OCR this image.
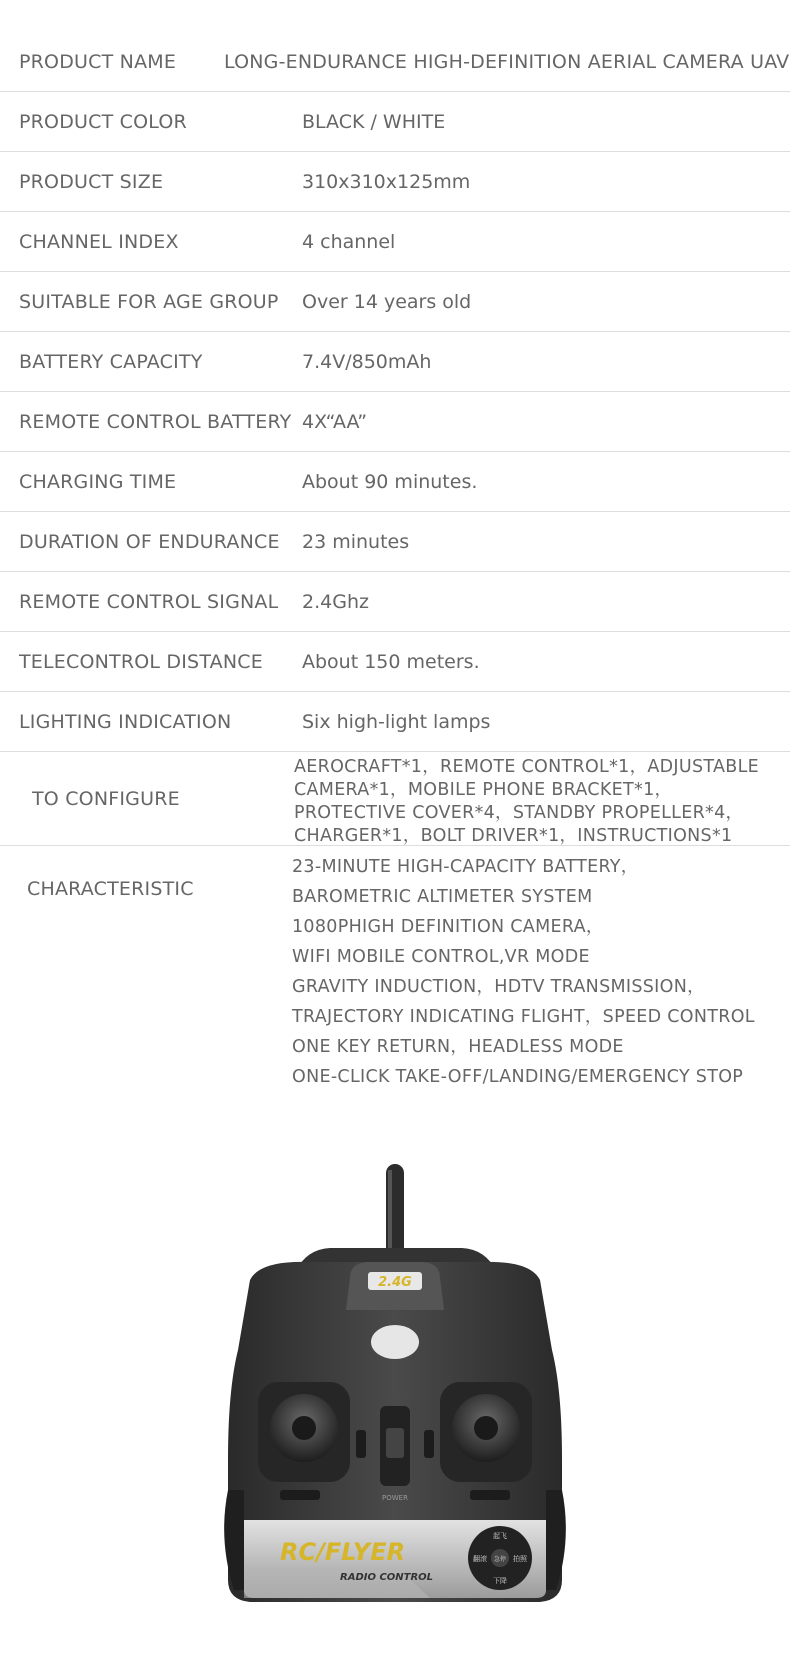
PRODUCT NAME	LONG-ENDURANCE HIGH-DEFINITION AERIAL CAMERA UAV
PRODUCT COLOR	BLACK / WHITE
PRODUCT SIZE	310x310x125mm
CHANNEL INDEX	4 channel
SUITABLE FOR AGE GROUP Over 14 years old
BATTERY CAPACITY	7.4V/850mAh
REMOTE CONTROL BATTERY 4X“AA”
CHARGING TIME	About 90 minutes.
DURATION OF ENDURANCE 23 minutes
REMOTE CONTROL SIGNAL 2.4Ghz
TELECONTROL DISTANCE About 150 meters.
LIGHTING INDICATION	Six high-light lamps
TO CONFIGURE
AEROCRAFT*1，REMOTE CONTROL*1，ADJUSTABLE CAMERA*1，MOBILE PHONE BRACKET*1，PROTECTIVE COVER*4，STANDBY PROPELLER*4，CHARGER*1，BOLT DRIVER*1，INSTRUCTIONS*1
CHARACTERISTIC
23-MINUTE HIGH-CAPACITY BATTERY，
BAROMETRIC ALTIMETER SYSTEM
1080PHIGH DEFINITION CAMERA，
WIFI MOBILE CONTROL,VR MODE
GRAVITY INDUCTION，HDTV TRANSMISSION，
TRAJECTORY INDICATING FLIGHT，SPEED CONTROL
ONE KEY RETURN，HEADLESS MODE
ONE-CLICK TAKE-OFF/LANDING/EMERGENCY STOP
2.4G
POWER
RC/FLYER
RADIO CONTROL
起飞
翻滚 急停 拍照
下降
